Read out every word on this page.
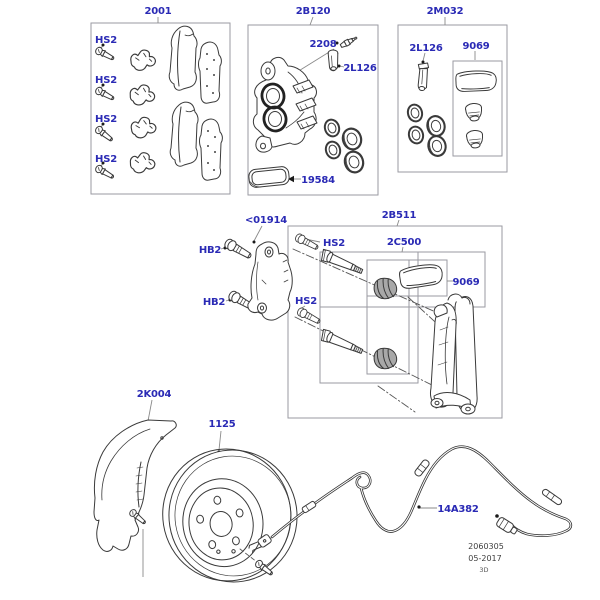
2001	2B120	2M032
HS2
HS2
HS2
HS2
2208
2L126
19584
2L126 9069
<01914
HB2
HB2
2B511
HS2
HS2
2C500
9069
2K004
1125
14A382
2060305
05-2017
3D
